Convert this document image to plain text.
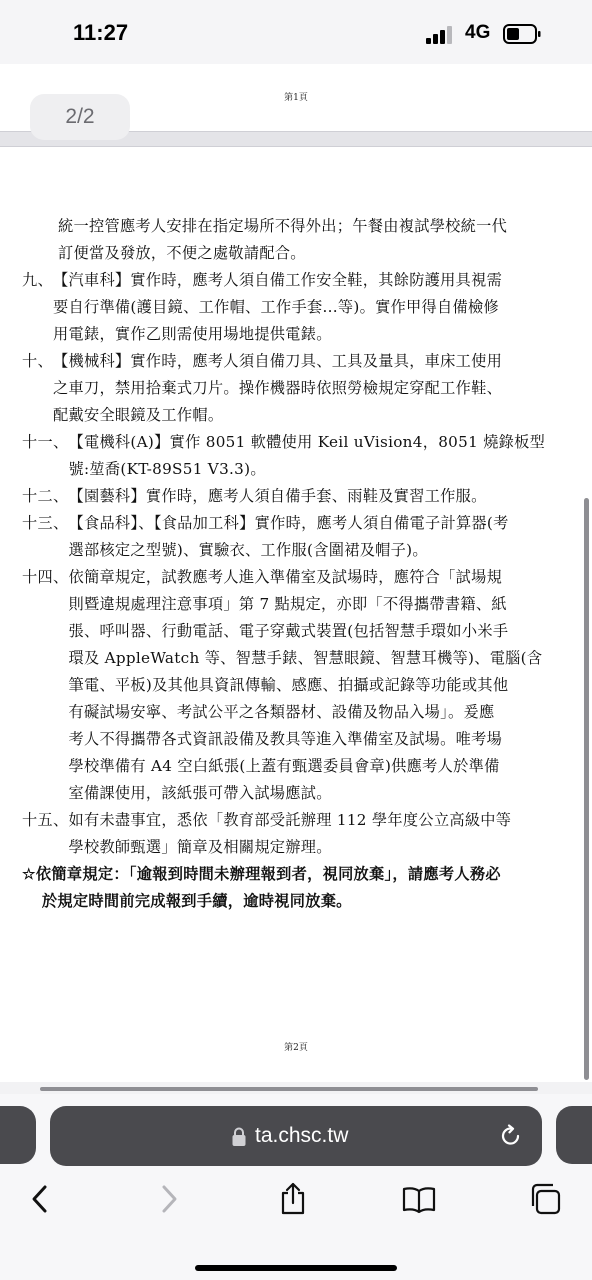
11:27	4G
第1頁
第2頁
2/2
統一控管應考人安排在指定場所不得外出；午餐由複試學校統一代
訂便當及發放，不便之處敬請配合。
九、 【汽車科】實作時，應考人須自備工作安全鞋，其餘防護用具視需
要自行準備(護目鏡、工作帽、工作手套...等)。實作甲得自備檢修
用電錶，實作乙則需使用場地提供電錶。
十、 【機械科】實作時，應考人須自備刀具、工具及量具，車床工使用
之車刀，禁用拾棄式刀片。操作機器時依照勞檢規定穿配工作鞋、
配戴安全眼鏡及工作帽。
十一、 【電機科(A)】實作 8051 軟體使用 Keil uVision4，8051 燒錄板型
號:堃喬(KT-89S51 V3.3)。
十二、 【園藝科】實作時，應考人須自備手套、雨鞋及實習工作服。
十三、 【食品科】、【食品加工科】實作時，應考人須自備電子計算器(考
選部核定之型號)、實驗衣、工作服(含圍裙及帽子)。
十四、 依簡章規定，試教應考人進入準備室及試場時，應符合「試場規
則暨違規處理注意事項」第 7 點規定，亦即「不得攜帶書籍、紙
張、呼叫器、行動電話、電子穿戴式裝置(包括智慧手環如小米手
環及 AppleWatch 等、智慧手錶、智慧眼鏡、智慧耳機等)、電腦(含
筆電、平板)及其他具資訊傳輸、感應、拍攝或記錄等功能或其他
有礙試場安寧、考試公平之各類器材、設備及物品入場」。爰應
考人不得攜帶各式資訊設備及教具等進入準備室及試場。唯考場
學校準備有 A4 空白紙張(上蓋有甄選委員會章)供應考人於準備
室備課使用，該紙張可帶入試場應試。
十五、 如有未盡事宜，悉依「教育部受託辦理 112 學年度公立高級中等
學校教師甄選」簡章及相關規定辦理。
☆ 依簡章規定：「逾報到時間未辦理報到者，視同放棄」，請應考人務必
於規定時間前完成報到手續，逾時視同放棄。
ta.chsc.tw
